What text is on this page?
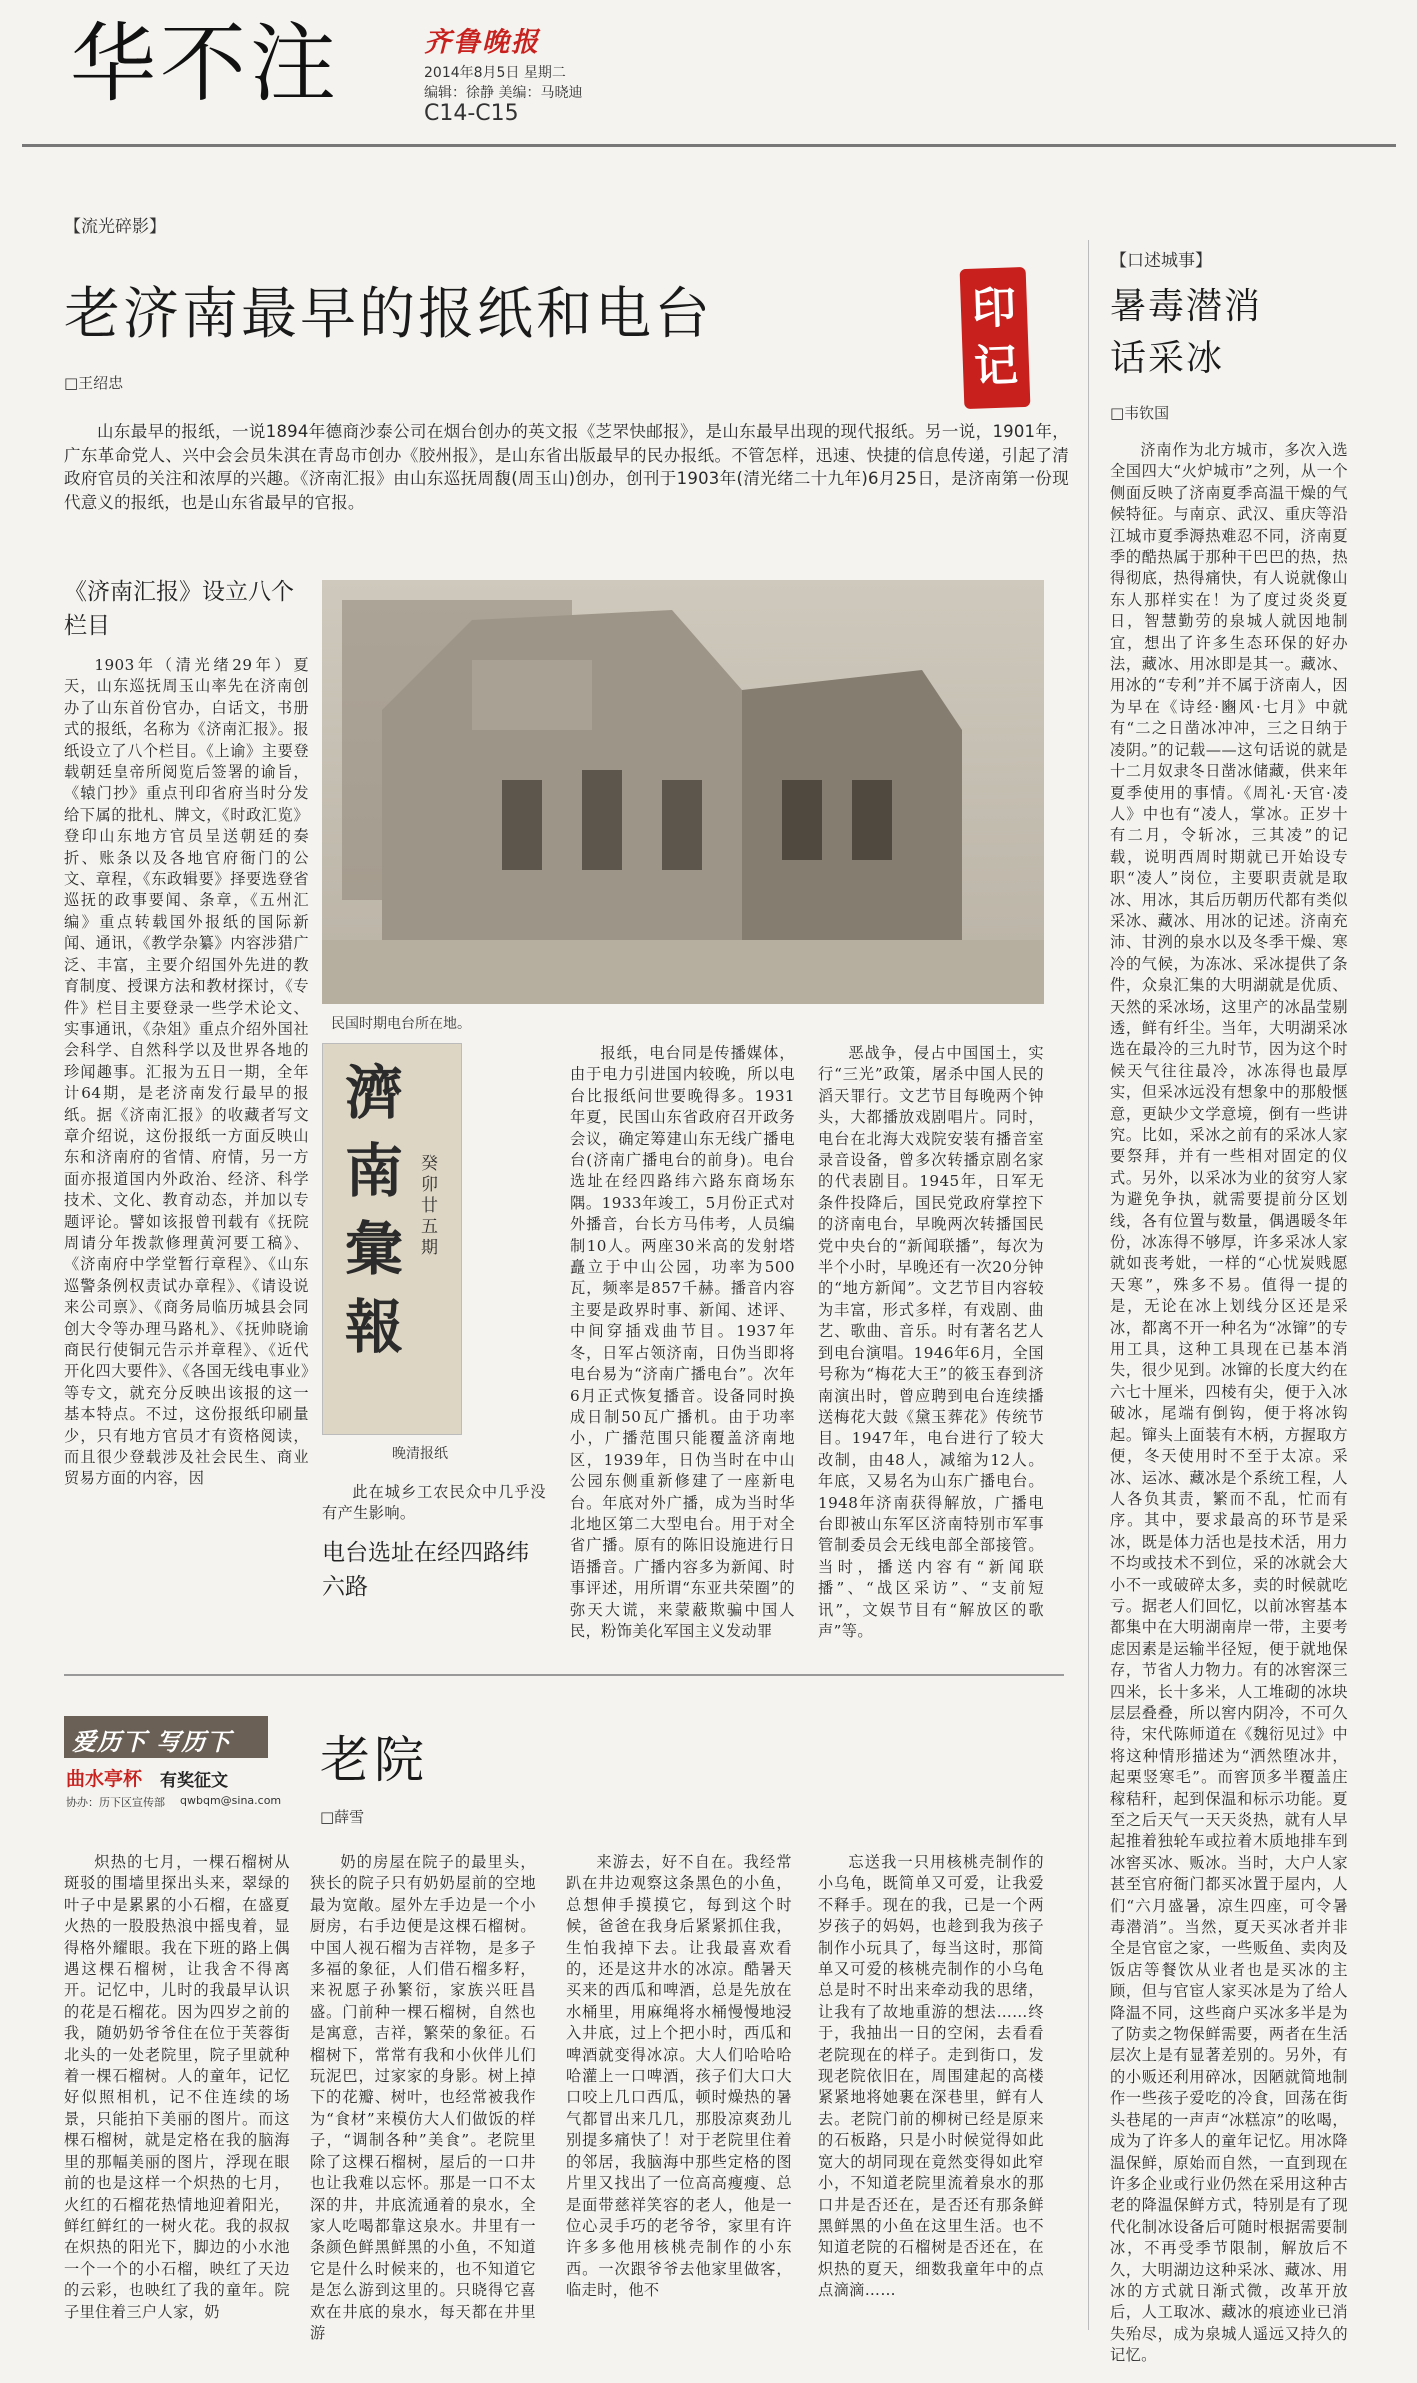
华不注	齐鲁晚报
2014年8月5日 星期二
编辑：徐静 美编：马晓迪
C14-C15
【流光碎影】
老济南最早的报纸和电台
□王绍忠
印
记

山东最早的报纸，一说1894年德商沙泰公司在烟台创办的英文报《芝罘快邮报》，是山东最早出现的现代报纸。另一说，1901年，广东革命党人、兴中会会员朱淇在青岛市创办《胶州报》，是山东省出版最早的民办报纸。不管怎样，迅速、快捷的信息传递，引起了清政府官员的关注和浓厚的兴趣。《济南汇报》由山东巡抚周馥(周玉山)创办，创刊于1903年(清光绪二十九年)6月25日，是济南第一份现代意义的报纸，也是山东省最早的官报。

《济南汇报》设立八个栏目

1903年（清光绪29年）夏天，山东巡抚周玉山率先在济南创办了山东首份官办，白话文，书册式的报纸，名称为《济南汇报》。报纸设立了八个栏目。《上谕》主要登载朝廷皇帝所阅览后签署的谕旨，《辕门抄》重点刊印省府当时分发给下属的批札、牌文，《时政汇览》登印山东地方官员呈送朝廷的奏折、账条以及各地官府衙门的公文、章程，《东政辑要》择要选登省巡抚的政事要闻、条章，《五州汇编》重点转载国外报纸的国际新闻、通讯，《教学杂纂》内容涉猎广泛、丰富，主要介绍国外先进的教育制度、授课方法和教材探讨，《专件》栏目主要登录一些学术论文、实事通讯，《杂俎》重点介绍外国社会科学、自然科学以及世界各地的珍闻趣事。汇报为五日一期，全年计64期，是老济南发行最早的报纸。据《济南汇报》的收藏者写文章介绍说，这份报纸一方面反映山东和济南府的省情、府情，另一方面亦报道国内外政治、经济、科学技术、文化、教育动态，并加以专题评论。譬如该报曾刊载有《抚院周请分年拨款修理黄河要工稿》、《济南府中学堂暂行章程》、《山东巡警条例权责试办章程》、《请设说来公司禀》、《商务局临历城县会同创大令等办理马路札》、《抚帅晓谕商民行使铜元告示并章程》、《近代开化四大要件》、《各国无线电事业》等专文，就充分反映出该报的这一基本特点。不过，这份报纸印刷量少，只有地方官员才有资格阅读，而且很少登载涉及社会民生、商业贸易方面的内容，因

民国时期电台所在地。
濟南彙報
癸卯廿五期
晚清报纸

此在城乡工农民众中几乎没有产生影响。

电台选址在经四路纬六路

报纸，电台同是传播媒体，由于电力引进国内较晚，所以电台比报纸问世要晚得多。1931年夏，民国山东省政府召开政务会议，确定筹建山东无线广播电台(济南广播电台的前身)。电台选址在经四路纬六路东商场东隅。1933年竣工，5月份正式对外播音，台长方马伟考，人员编制10人。两座30米高的发射塔矗立于中山公园，功率为500瓦，频率是857千赫。播音内容主要是政界时事、新闻、述评、中间穿插戏曲节目。1937年冬，日军占领济南，日伪当即将电台易为“济南广播电台”。次年6月正式恢复播音。设备同时换成日制50瓦广播机。由于功率小，广播范围只能覆盖济南地区，1939年，日伪当时在中山公园东侧重新修建了一座新电台。年底对外广播，成为当时华北地区第二大型电台。用于对全省广播。原有的陈旧设施进行日语播音。广播内容多为新闻、时事评述，用所谓“东亚共荣圈”的弥天大谎，来蒙蔽欺骗中国人民，粉饰美化军国主义发动罪

恶战争，侵占中国国土，实行“三光”政策，屠杀中国人民的滔天罪行。文艺节目每晚两个钟头，大都播放戏剧唱片。同时，电台在北海大戏院安装有播音室录音设备，曾多次转播京剧名家的代表剧目。1945年，日军无条件投降后，国民党政府掌控下的济南电台，早晚两次转播国民党中央台的“新闻联播”，每次为半个小时，早晚还有一次20分钟的“地方新闻”。文艺节目内容较为丰富，形式多样，有戏剧、曲艺、歌曲、音乐。时有著名艺人到电台演唱。1946年6月，全国号称为“梅花大王”的筱玉春到济南演出时，曾应聘到电台连续播送梅花大鼓《黛玉葬花》传统节目。1947年，电台进行了较大改制，由48人，减缩为12人。年底，又易名为山东广播电台。1948年济南获得解放，广播电台即被山东军区济南特别市军事管制委员会无线电部全部接管。当时，播送内容有“新闻联播”、“战区采访”、“支前短讯”，文娱节目有“解放区的歌声”等。

【口述城事】
暑毒潜消
话采冰
□韦钦国

济南作为北方城市，多次入选全国四大“火炉城市”之列，从一个侧面反映了济南夏季高温干燥的气候特征。与南京、武汉、重庆等沿江城市夏季溽热难忍不同，济南夏季的酷热属于那种干巴巴的热，热得彻底，热得痛快，有人说就像山东人那样实在！为了度过炎炎夏日，智慧勤劳的泉城人就因地制宜，想出了许多生态环保的好办法，藏冰、用冰即是其一。藏冰、用冰的“专利”并不属于济南人，因为早在《诗经·豳风·七月》中就有“二之日凿冰冲冲，三之日纳于凌阴。”的记载——这句话说的就是十二月奴隶冬日凿冰储藏，供来年夏季使用的事情。《周礼·天官·凌人》中也有“凌人，掌冰。正岁十有二月，令斩冰，三其凌”的记载，说明西周时期就已开始设专职“凌人”岗位，主要职责就是取冰、用冰，其后历朝历代都有类似采冰、藏冰、用冰的记述。济南充沛、甘洌的泉水以及冬季干燥、寒冷的气候，为冻冰、采冰提供了条件，众泉汇集的大明湖就是优质、天然的采冰场，这里产的冰晶莹剔透，鲜有纤尘。当年，大明湖采冰选在最冷的三九时节，因为这个时候天气往往最冷，冰冻得也最厚实，但采冰远没有想象中的那般惬意，更缺少文学意境，倒有一些讲究。比如，采冰之前有的采冰人家要祭拜，并有一些相对固定的仪式。另外，以采冰为业的贫穷人家为避免争执，就需要提前分区划线，各有位置与数量，偶遇暖冬年份，冰冻得不够厚，许多采冰人家就如丧考妣，一样的“心忧炭贱愿天寒”，殊多不易。值得一提的是，无论在冰上划线分区还是采冰，都离不开一种名为“冰镩”的专用工具，这种工具现在已基本消失，很少见到。冰镩的长度大约在六七十厘米，四棱有尖，便于入冰破冰，尾端有倒钩，便于将冰钩起。镩头上面装有木柄，方握取方便，冬天使用时不至于太凉。采冰、运冰、藏冰是个系统工程，人人各负其责，繁而不乱，忙而有序。其中，要求最高的环节是采冰，既是体力活也是技术活，用力不均或技术不到位，采的冰就会大小不一或破碎太多，卖的时候就吃亏。据老人们回忆，以前冰窖基本都集中在大明湖南岸一带，主要考虑因素是运输半径短，便于就地保存，节省人力物力。有的冰窖深三四米，长十多米，人工堆砌的冰块层层叠叠，所以窖内阴冷，不可久待，宋代陈师道在《魏衍见过》中将这种情形描述为“洒然堕冰井，起栗竖寒毛”。而窖顶多半覆盖庄稼秸秆，起到保温和标示功能。夏至之后天气一天天炎热，就有人早起推着独轮车或拉着木质地排车到冰窖买冰、贩冰。当时，大户人家甚至官府衙门都买冰置于屋内，人们“六月盛暑，凉生四座，可令暑毒潜消”。当然，夏天买冰者并非全是官宦之家，一些贩鱼、卖肉及饭店等餐饮从业者也是买冰的主顾，但与官宦人家买冰是为了给人降温不同，这些商户买冰多半是为了防卖之物保鲜需要，两者在生活层次上是有显著差别的。另外，有的小贩还利用碎冰，因陋就简地制作一些孩子爱吃的冷食，回荡在街头巷尾的一声声“冰糕凉”的吆喝，成为了许多人的童年记忆。用冰降温保鲜，原始而自然，一直到现在许多企业或行业仍然在采用这种古老的降温保鲜方式，特别是有了现代化制冰设备后可随时根据需要制冰，不再受季节限制，解放后不久，大明湖边这种采冰、藏冰、用冰的方式就日渐式微，改革开放后，人工取冰、藏冰的痕迹业已消失殆尽，成为泉城人遥远又持久的记忆。

爱历下 写历下
曲水亭杯 有奖征文
协办：历下区宣传部 qwbqm@sina.com
老院
□薛雪

炽热的七月，一棵石榴树从斑驳的围墙里探出头来，翠绿的叶子中是累累的小石榴，在盛夏火热的一股股热浪中摇曳着，显得格外耀眼。我在下班的路上偶遇这棵石榴树，让我舍不得离开。记忆中，儿时的我最早认识的花是石榴花。因为四岁之前的我，随奶奶爷爷住在位于芙蓉街北头的一处老院里，院子里就种着一棵石榴树。人的童年，记忆好似照相机，记不住连续的场景，只能拍下美丽的图片。而这棵石榴树，就是定格在我的脑海里的那幅美丽的图片，浮现在眼前的也是这样一个炽热的七月，火红的石榴花热情地迎着阳光，鲜红鲜红的一树火花。我的叔叔在炽热的阳光下，脚边的小水池一个一个的小石榴，映红了天边的云彩，也映红了我的童年。院子里住着三户人家，奶

奶的房屋在院子的最里头，狭长的院子只有奶奶屋前的空地最为宽敞。屋外左手边是一个小厨房，右手边便是这棵石榴树。中国人视石榴为吉祥物，是多子多福的象征，人们借石榴多籽，来祝愿子孙繁衍，家族兴旺昌盛。门前种一棵石榴树，自然也是寓意，吉祥，繁荣的象征。石榴树下，常常有我和小伙伴儿们玩泥巴，过家家的身影。树上掉下的花瓣、树叶，也经常被我作为“食材”来模仿大人们做饭的样子，“调制各种”美食”。老院里除了这棵石榴树，屋后的一口井也让我难以忘怀。那是一口不太深的井，井底流通着的泉水，全家人吃喝都靠这泉水。井里有一条颜色鲜黑鲜黑的小鱼，不知道它是什么时候来的，也不知道它是怎么游到这里的。只晓得它喜欢在井底的泉水，每天都在井里游

来游去，好不自在。我经常趴在井边观察这条黑色的小鱼，总想伸手摸摸它，每到这个时候，爸爸在我身后紧紧抓住我，生怕我掉下去。让我最喜欢看的，还是这井水的冰凉。酷暑天买来的西瓜和啤酒，总是先放在水桶里，用麻绳将水桶慢慢地浸入井底，过上个把小时，西瓜和啤酒就变得冰凉。大人们哈哈哈哈灌上一口啤酒，孩子们大口大口咬上几口西瓜，顿时燥热的暑气都冒出来几几，那股凉爽劲儿别提多痛快了！对于老院里住着的邻居，我脑海中那些定格的图片里又找出了一位高高瘦瘦、总是面带慈祥笑容的老人，他是一位心灵手巧的老爷爷，家里有许许多多他用核桃壳制作的小东西。一次跟爷爷去他家里做客，临走时，他不

忘送我一只用核桃壳制作的小乌龟，既简单又可爱，让我爱不释手。现在的我，已是一个两岁孩子的妈妈，也趁到我为孩子制作小玩具了，每当这时，那简单又可爱的核桃壳制作的小乌龟总是时不时出来牵动我的思绪，让我有了故地重游的想法……终于，我抽出一日的空闲，去看看老院现在的样子。走到街口，发现老院依旧在，周围建起的高楼紧紧地将她裹在深巷里，鲜有人去。老院门前的柳树已经是原来的石板路，只是小时候觉得如此宽大的胡同现在竟然变得如此窄小，不知道老院里流着泉水的那口井是否还在，是否还有那条鲜黑鲜黑的小鱼在这里生活。也不知道老院的石榴树是否还在，在炽热的夏天，细数我童年中的点点滴滴……
